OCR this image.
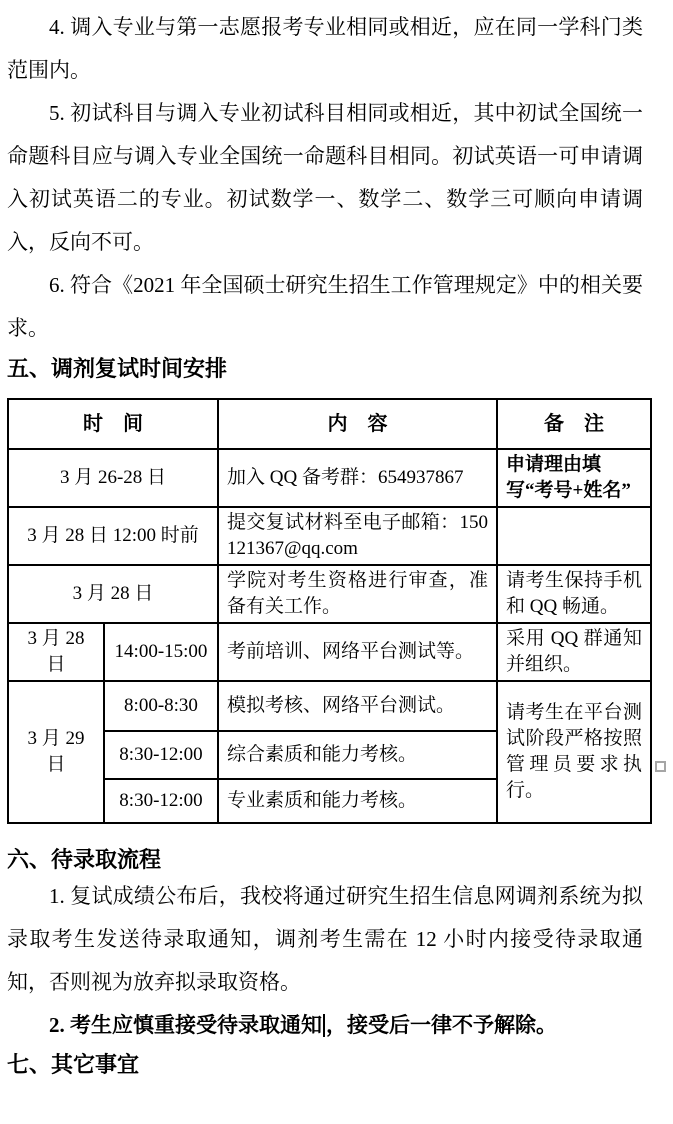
4. 调入专业与第一志愿报考专业相同或相近，应在同一学科门类范围内。

5. 初试科目与调入专业初试科目相同或相近，其中初试全国统一命题科目应与调入专业全国统一命题科目相同。初试英语一可申请调入初试英语二的专业。初试数学一、数学二、数学三可顺向申请调入，反向不可。

6. 符合《2021 年全国硕士研究生招生工作管理规定》中的相关要求。

五、调剂复试时间安排
时　间		内　容	备　注
3 月 26-28 日		加入 QQ 备考群：654937867	申请理由填写“考号+姓名”
3 月 28 日 12:00 时前		提交复试材料至电子邮箱：150121367@qq.com	
3 月 28 日		学院对考生资格进行审查，准备有关工作。	请考生保持手机和 QQ 畅通。
3 月 28 日	14:00-15:00	考前培训、网络平台测试等。	采用 QQ 群通知并组织。
3 月 29 日	8:00-8:30	模拟考核、网络平台测试。	请考生在平台测试阶段严格按照管理员要求执行。
	8:30-12:00	综合素质和能力考核。	
	8:30-12:00	专业素质和能力考核。	
六、待录取流程

1. 复试成绩公布后，我校将通过研究生招生信息网调剂系统为拟录取考生发送待录取通知，调剂考生需在 12 小时内接受待录取通知，否则视为放弃拟录取资格。

2. 考生应慎重接受待录取通知 ，接受后一律不予解除。

七、其它事宜
